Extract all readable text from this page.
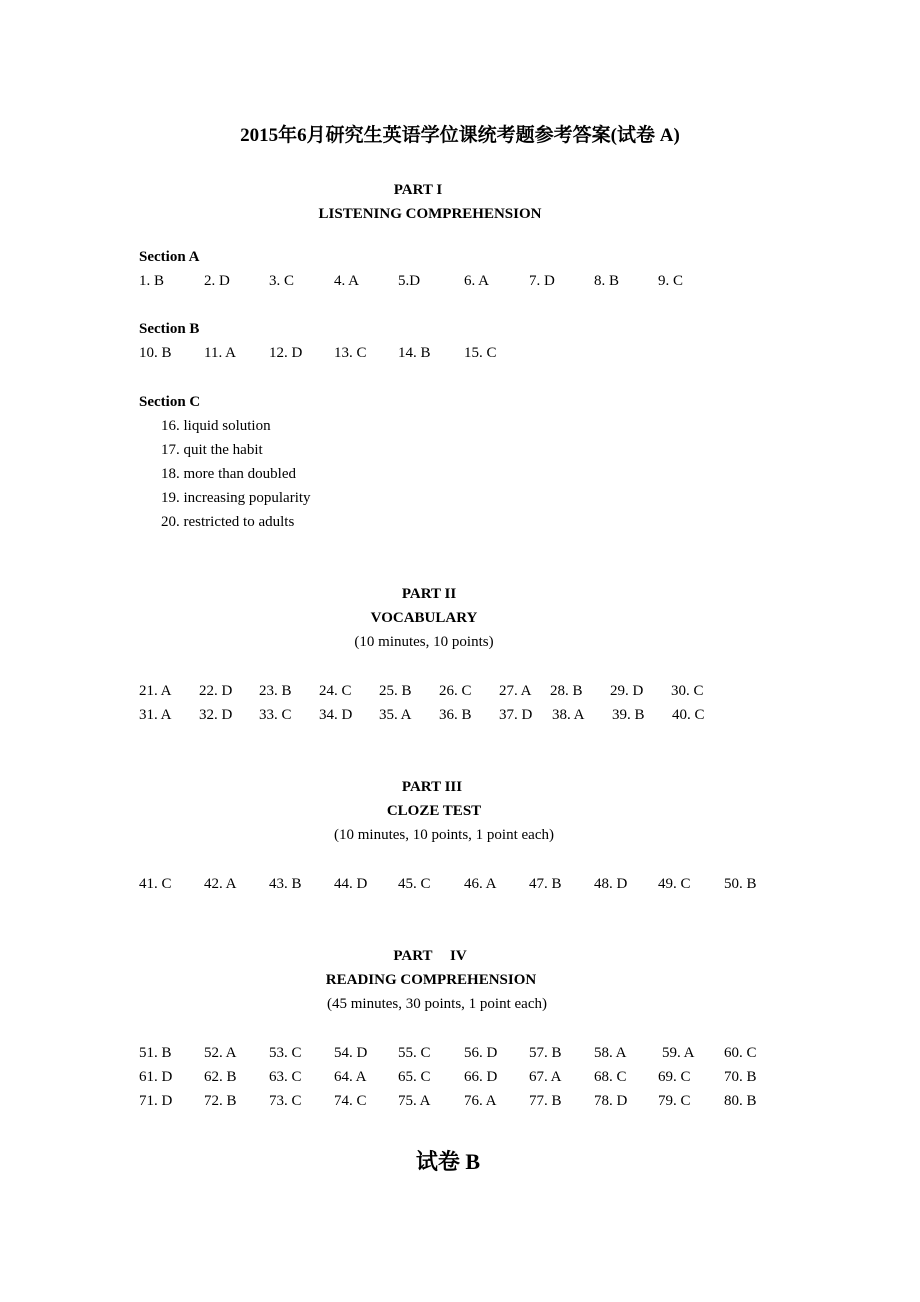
2015年6月研究生英语学位课统考题参考答案(试卷 A)
PART I
LISTENING COMPREHENSION
Section A
1. B	2. D	3. C	4. A	5.D	6. A	7. D	8. B	9. C
Section B
10. B 11. A 12. D 13. C 14. B 15. C
Section C
16. liquid solution
17. quit the habit
18. more than doubled
19. increasing popularity
20. restricted to adults
PART II
VOCABULARY
(10 minutes, 10 points)
21. A 22. D 23. B 24. C 25. B 26. C 27. A 28. B 29. D 30. C
31. A 32. D 33. C 34. D 35. A 36. B 37. D 38. A 39. B 40. C
PART III
CLOZE TEST
(10 minutes, 10 points, 1 point each)
41. C 42. A 43. B 44. D 45. C 46. A 47. B 48. D 49. C 50. B
PART IV
READING COMPREHENSION
(45 minutes, 30 points, 1 point each)
51. B 52. A 53. C 54. D 55. C 56. D 57. B 58. A 59. A 60. C
61. D 62. B 63. C 64. A 65. C 66. D 67. A 68. C 69. C 70. B
71. D 72. B 73. C 74. C 75. A 76. A 77. B 78. D 79. C 80. B
试卷 B
